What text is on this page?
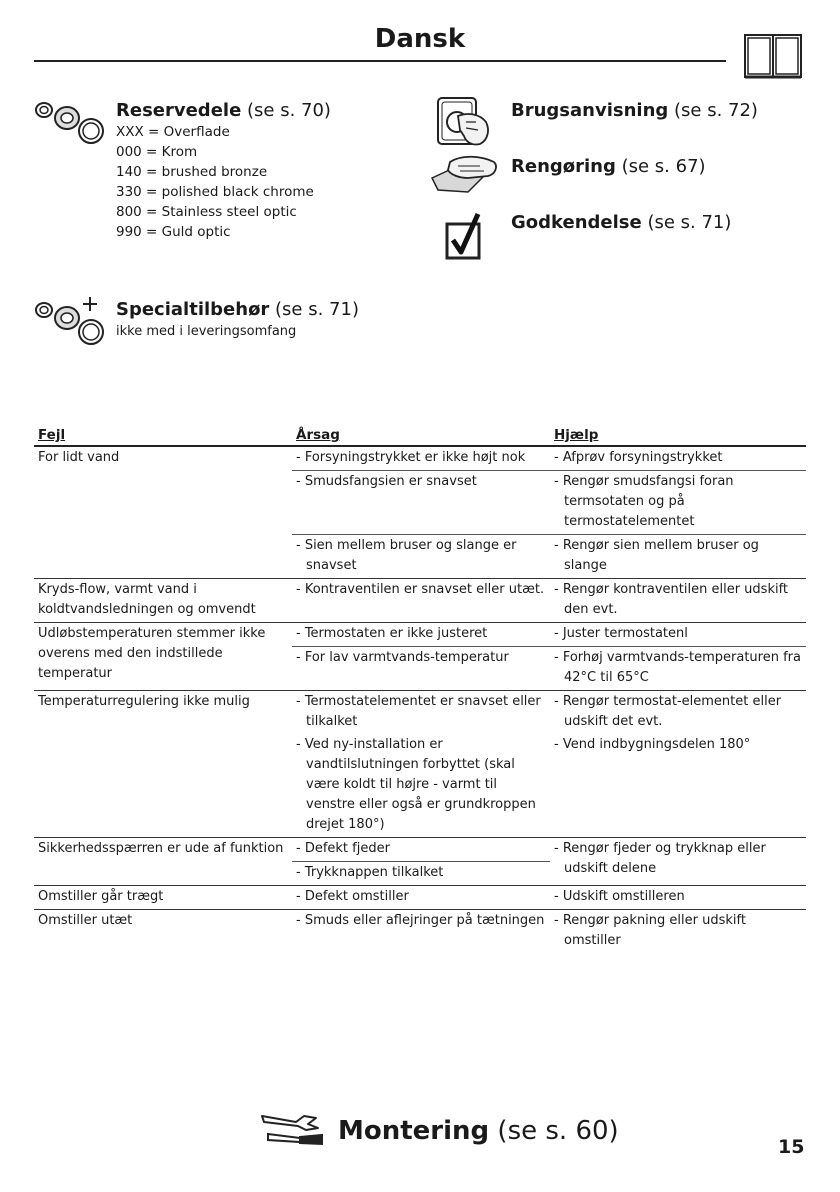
Dansk
Reservedele (se s. 70)
XXX = Overflade
000 = Krom
140 = brushed bronze
330 = polished black chrome
800 = Stainless steel optic
990 = Guld optic
Specialtilbehør (se s. 71)
ikke med i leveringsomfang
Brugsanvisning (se s. 72)
Rengøring (se s. 67)
Godkendelse (se s. 71)
Fejl	Årsag	Hjælp
For lidt vand	- Forsyningstrykket er ikke højt nok	- Afprøv forsyningstrykket

	- Smudsfangsien er snavset	- Rengør smudsfangsi foran termsotaten og på termostatelementet

	- Sien mellem bruser og slange er snavset	- Rengør sien mellem bruser og slange

Kryds-flow, varmt vand i koldtvandsledningen og omvendt	- Kontraventilen er snavset eller utæt.	- Rengør kontraventilen eller udskift den evt.

Udløbstemperaturen stemmer ikke overens med den indstillede temperatur	- Termostaten er ikke justeret	- Juster termostatenl

	- For lav varmtvands-temperatur	- Forhøj varmtvands-temperaturen fra 42°C til 65°C

Temperaturregulering ikke mulig	- Termostatelementet er snavset eller tilkalket	- Rengør termostat-elementet eller udskift det evt.

	- Ved ny-installation er vandtilslutningen forbyttet (skal være koldt til højre - varmt til venstre eller også er grundkroppen drejet 180°)	- Vend indbygningsdelen 180°

Sikkerhedsspærren er ude af funktion	- Defekt fjeder	- Rengør fjeder og trykknap eller udskift delene

	- Trykknappen tilkalket	

Omstiller går trægt	- Defekt omstiller	- Udskift omstilleren

Omstiller utæt	- Smuds eller aflejringer på tætningen	- Rengør pakning eller udskift omstiller
Montering (se s. 60)
15
